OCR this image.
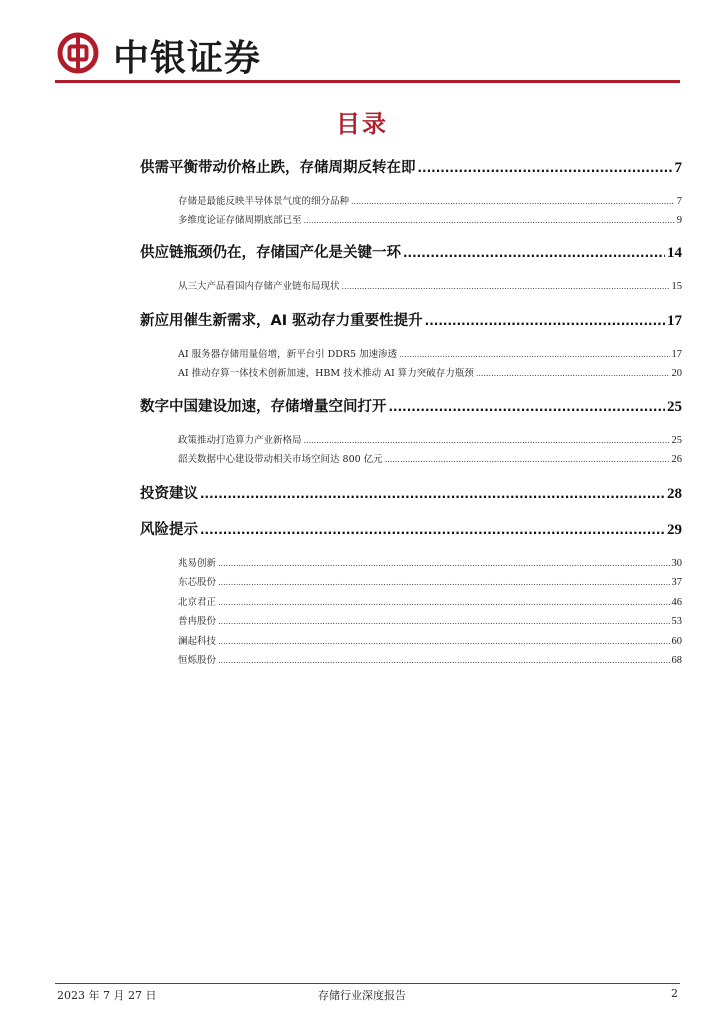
中银证券
目录
供需平衡带动价格止跌，存储周期反转在即 .....	7
存储是最能反映半导体景气度的细分品种 .....	7
多维度论证存储周期底部已至 .....	9
供应链瓶颈仍在，存储国产化是关键一环 .....	14
从三大产品看国内存储产业链布局现状 .....	15
新应用催生新需求，AI 驱动存力重要性提升 .....	17
AI 服务器存储用量倍增，新平台引 DDR5 加速渗透 .....	17
AI 推动存算一体技术创新加速，HBM 技术推动 AI 算力突破存力瓶颈 .....	20
数字中国建设加速，存储增量空间打开 .....	25
政策推动打造算力产业新格局 .....	25
韶关数据中心建设带动相关市场空间达 800 亿元 .....	26
投资建议 .....	28
风险提示 .....	29
兆易创新 .....	30
东芯股份 .....	37
北京君正 .....	46
普冉股份 .....	53
澜起科技 .....	60
恒烁股份 .....	68
2023 年 7 月 27 日	存储行业深度报告	2
